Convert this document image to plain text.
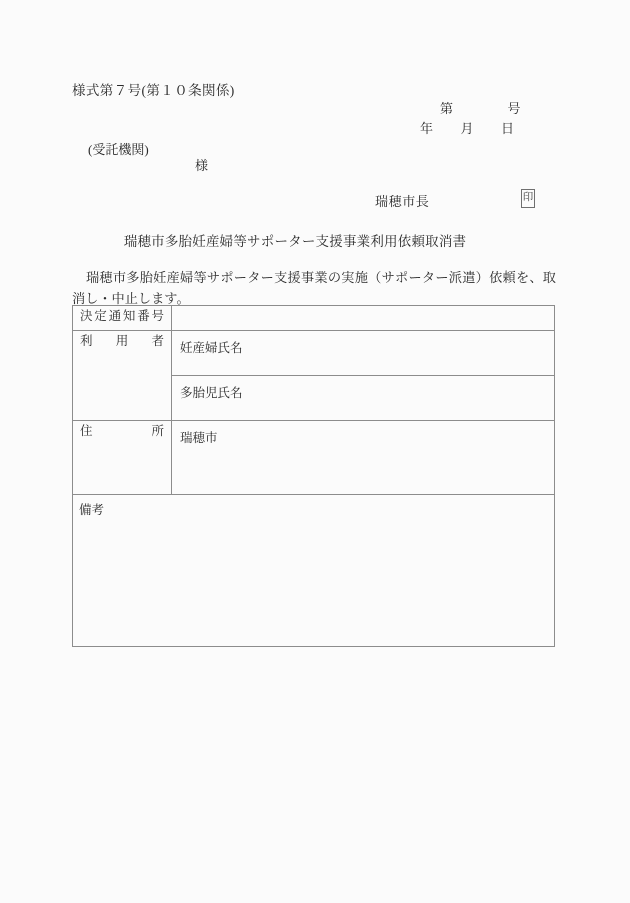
様式第７号(第１０条関係)
第　　　　号
年　　月　　日
(受託機関)
様
瑞穂市長	印
瑞穂市多胎妊産婦等サポーター支援事業利用依頼取消書
瑞穂市多胎妊産婦等サポーター支援事業の実施（サポーター派遣）依頼を、取消し・中止します。
決定通知番号	

利用者	妊産婦氏名

	多胎児氏名

住所	瑞穂市

備考	
